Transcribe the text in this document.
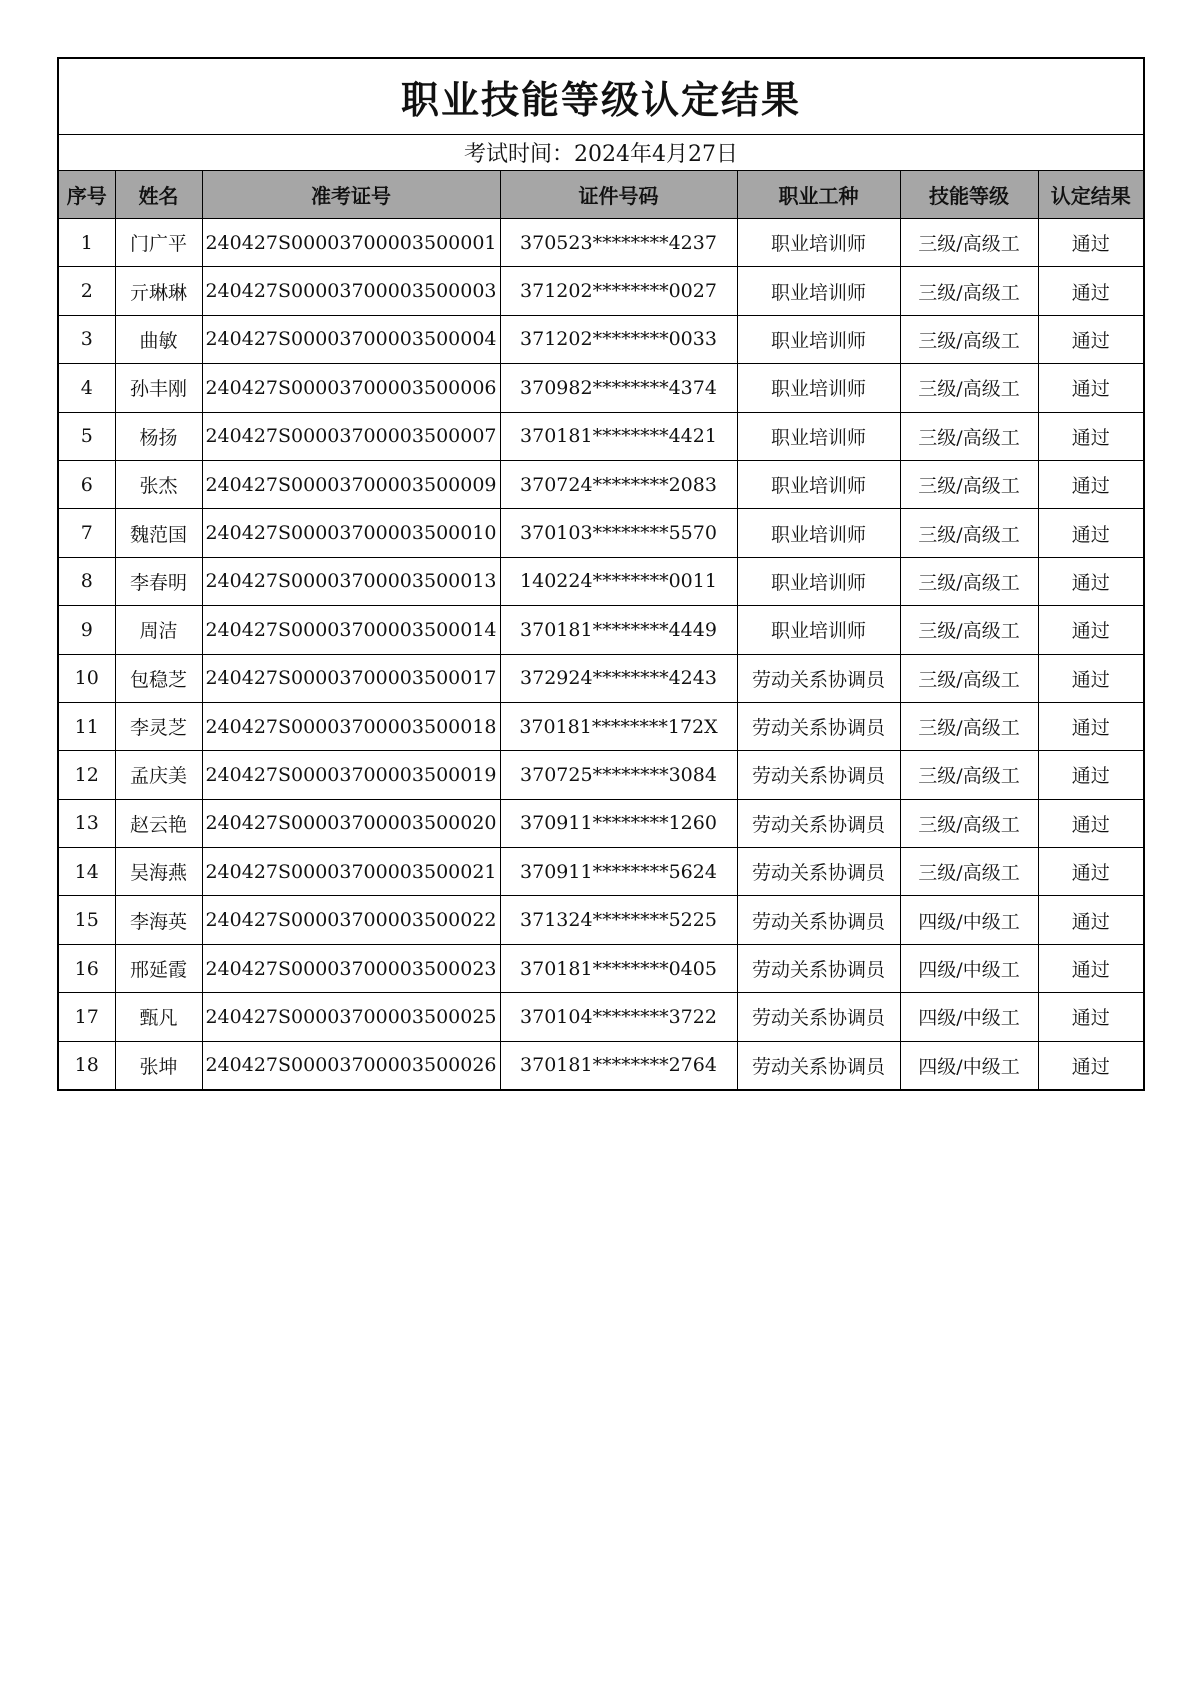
职业技能等级认定结果						
考试时间：2024年4月27日						
序号	姓名	准考证号	证件号码	职业工种	技能等级	认定结果
1	门广平	240427S00003700003500001	370523********4237	职业培训师	三级/高级工	通过
2	亓琳琳	240427S00003700003500003	371202********0027	职业培训师	三级/高级工	通过
3	曲敏	240427S00003700003500004	371202********0033	职业培训师	三级/高级工	通过
4	孙丰刚	240427S00003700003500006	370982********4374	职业培训师	三级/高级工	通过
5	杨扬	240427S00003700003500007	370181********4421	职业培训师	三级/高级工	通过
6	张杰	240427S00003700003500009	370724********2083	职业培训师	三级/高级工	通过
7	魏范国	240427S00003700003500010	370103********5570	职业培训师	三级/高级工	通过
8	李春明	240427S00003700003500013	140224********0011	职业培训师	三级/高级工	通过
9	周洁	240427S00003700003500014	370181********4449	职业培训师	三级/高级工	通过
10	包稳芝	240427S00003700003500017	372924********4243	劳动关系协调员	三级/高级工	通过
11	李灵芝	240427S00003700003500018	370181********172X	劳动关系协调员	三级/高级工	通过
12	孟庆美	240427S00003700003500019	370725********3084	劳动关系协调员	三级/高级工	通过
13	赵云艳	240427S00003700003500020	370911********1260	劳动关系协调员	三级/高级工	通过
14	吴海燕	240427S00003700003500021	370911********5624	劳动关系协调员	三级/高级工	通过
15	李海英	240427S00003700003500022	371324********5225	劳动关系协调员	四级/中级工	通过
16	邢延霞	240427S00003700003500023	370181********0405	劳动关系协调员	四级/中级工	通过
17	甄凡	240427S00003700003500025	370104********3722	劳动关系协调员	四级/中级工	通过
18	张坤	240427S00003700003500026	370181********2764	劳动关系协调员	四级/中级工	通过
